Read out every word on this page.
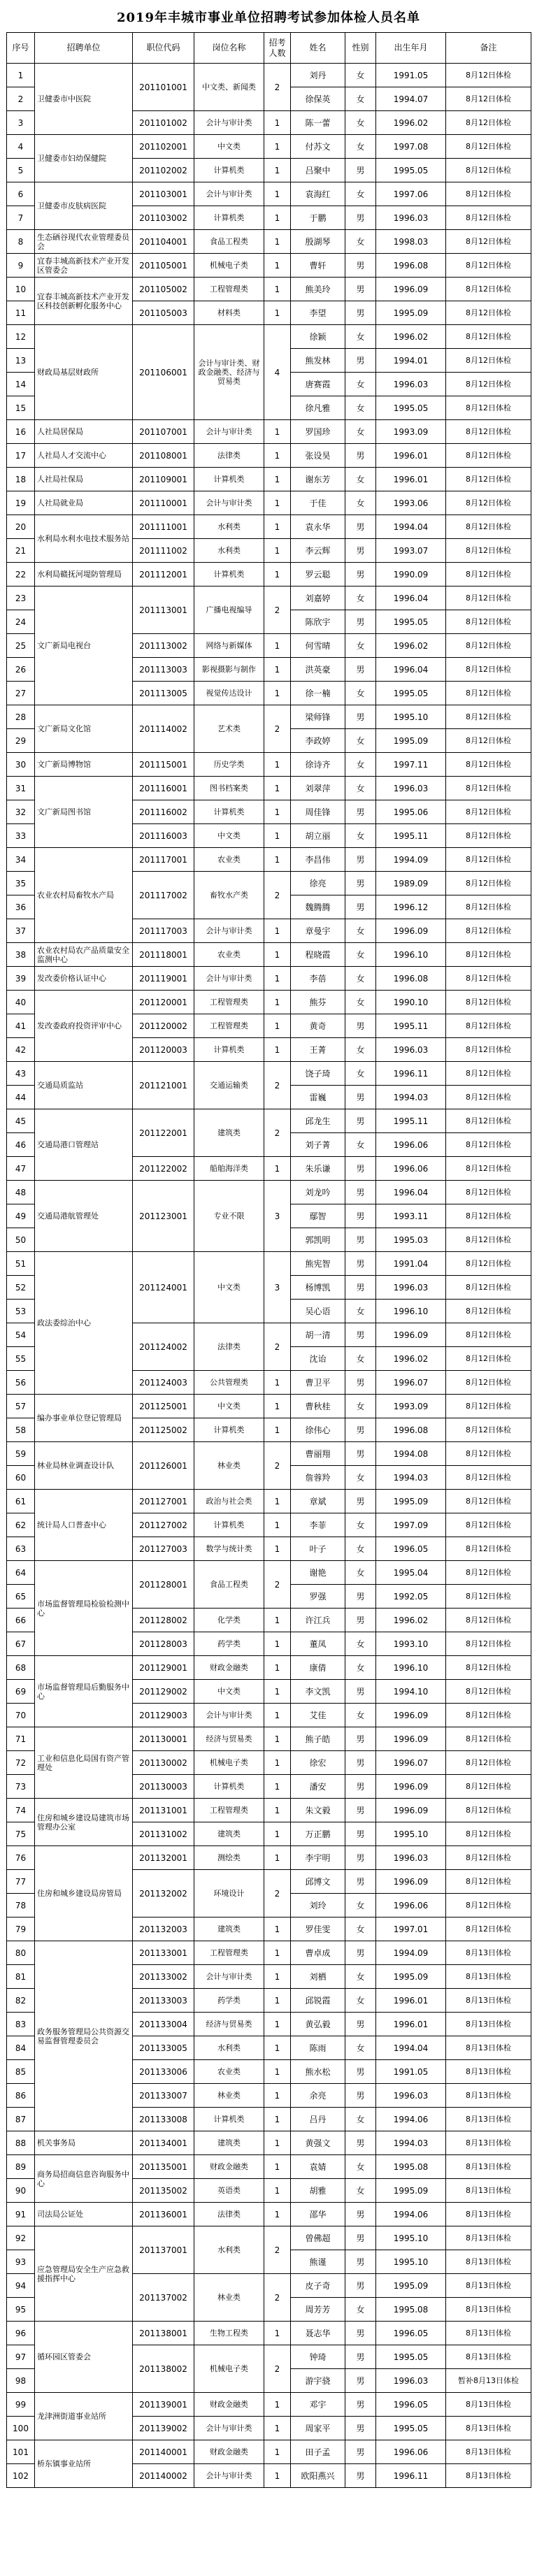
2019年丰城市事业单位招聘考试参加体检人员名单
序号	招聘单位	职位代码	岗位名称	招考人数	姓名	性别	出生年月	备注
1	卫健委市中医院	201101001	中文类、新闻类	2	刘丹	女	1991.05	8月12日体检
2					徐保英	女	1994.07	8月12日体检
3		201101002	会计与审计类	1	陈一蕾	女	1996.02	8月12日体检
4	卫健委市妇幼保健院	201102001	中文类	1	付苏文	女	1997.08	8月12日体检
5		201102002	计算机类	1	吕聚中	男	1995.05	8月12日体检
6	卫健委市皮肤病医院	201103001	会计与审计类	1	袁海红	女	1997.06	8月12日体检
7		201103002	计算机类	1	于鹏	男	1996.03	8月12日体检
8	生态硒谷现代农业管理委员会	201104001	食品工程类	1	殷湖琴	女	1998.03	8月12日体检
9	宜春丰城高新技术产业开发区管委会	201105001	机械电子类	1	曹轩	男	1996.08	8月12日体检
10	宜春丰城高新技术产业开发区科技创新孵化服务中心	201105002	工程管理类	1	熊美玲	男	1996.09	8月12日体检
11		201105003	材料类	1	李望	男	1995.09	8月12日体检
12	财政局基层财政所	201106001	会计与审计类、财政金融类、经济与贸易类	4	徐颖	女	1996.02	8月12日体检
13					熊发林	男	1994.01	8月12日体检
14					唐赛霞	女	1996.03	8月12日体检
15					徐凡雅	女	1995.05	8月12日体检
16	人社局居保局	201107001	会计与审计类	1	罗国珍	女	1993.09	8月12日体检
17	人社局人才交流中心	201108001	法律类	1	张设昊	男	1996.01	8月12日体检
18	人社局社保局	201109001	计算机类	1	谢东芳	女	1996.01	8月12日体检
19	人社局就业局	201110001	会计与审计类	1	于佳	女	1993.06	8月12日体检
20	水利局水利水电技术服务站	201111001	水利类	1	袁永华	男	1994.04	8月12日体检
21		201111002	水利类	1	李云辉	男	1993.07	8月12日体检
22	水利局赣抚河堤防管理局	201112001	计算机类	1	罗云聪	男	1990.09	8月12日体检
23	文广新局电视台	201113001	广播电视编导	2	刘嘉婷	女	1996.04	8月12日体检
24					陈欣宇	男	1995.05	8月12日体检
25		201113002	网络与新媒体	1	何雪晴	女	1996.02	8月12日体检
26		201113003	影视摄影与制作	1	洪英豪	男	1996.04	8月12日体检
27		201113005	视觉传达设计	1	徐一楠	女	1995.05	8月12日体检
28	文广新局文化馆	201114002	艺术类	2	梁师锋	男	1995.10	8月12日体检
29					李政婷	女	1995.09	8月12日体检
30	文广新局博物馆	201115001	历史学类	1	徐诗齐	女	1997.11	8月12日体检
31	文广新局图书馆	201116001	图书档案类	1	刘翠萍	女	1996.03	8月12日体检
32		201116002	计算机类	1	周佳锋	男	1995.06	8月12日体检
33		201116003	中文类	1	胡立丽	女	1995.11	8月12日体检
34	农业农村局畜牧水产局	201117001	农业类	1	李昌伟	男	1994.09	8月12日体检
35		201117002	畜牧水产类	2	徐亮	男	1989.09	8月12日体检
36					魏腾腾	男	1996.12	8月12日体检
37		201117003	会计与审计类	1	章曼宇	女	1996.09	8月12日体检
38	农业农村局农产品质量安全监测中心	201118001	农业类	1	程晓霞	女	1996.10	8月12日体检
39	发改委价格认证中心	201119001	会计与审计类	1	李蓓	女	1996.08	8月12日体检
40	发改委政府投资评审中心	201120001	工程管理类	1	熊芬	女	1990.10	8月12日体检
41		201120002	工程管理类	1	黄奇	男	1995.11	8月12日体检
42		201120003	计算机类	1	王菁	女	1996.03	8月12日体检
43	交通局质监站	201121001	交通运输类	2	饶子琦	女	1996.11	8月12日体检
44					雷巍	男	1994.03	8月12日体检
45	交通局港口管理站	201122001	建筑类	2	邱龙生	男	1995.11	8月12日体检
46					刘子菁	女	1996.06	8月12日体检
47		201122002	船舶海洋类	1	朱乐谦	男	1996.06	8月12日体检
48	交通局港航管理处	201123001	专业不限	3	刘龙吟	男	1996.04	8月12日体检
49					鄢智	男	1993.11	8月12日体检
50					郭凯明	男	1995.03	8月12日体检
51	政法委综治中心	201124001	中文类	3	熊宪智	男	1991.04	8月12日体检
52					杨博凯	男	1996.03	8月12日体检
53					吴心语	女	1996.10	8月12日体检
54		201124002	法律类	2	胡一清	男	1996.09	8月12日体检
55					沈诒	女	1996.02	8月12日体检
56		201124003	公共管理类	1	曹卫平	男	1996.07	8月12日体检
57	编办事业单位登记管理局	201125001	中文类	1	曹秋桂	女	1993.09	8月12日体检
58		201125002	计算机类	1	徐伟心	男	1996.08	8月12日体检
59	林业局林业调查设计队	201126001	林业类	2	曹丽翔	男	1994.08	8月12日体检
60					詹蓉羚	女	1994.03	8月12日体检
61	统计局人口普查中心	201127001	政治与社会类	1	章斌	男	1995.09	8月12日体检
62		201127002	计算机类	1	李菲	女	1997.09	8月12日体检
63		201127003	数学与统计类	1	叶子	女	1996.05	8月12日体检
64	市场监督管理局检验检测中心	201128001	食品工程类	2	谢艳	女	1995.04	8月12日体检
65					罗强	男	1992.05	8月12日体检
66		201128002	化学类	1	许江兵	男	1996.02	8月12日体检
67		201128003	药学类	1	董凤	女	1993.10	8月12日体检
68	市场监督管理局后勤服务中心	201129001	财政金融类	1	康倩	女	1996.10	8月12日体检
69		201129002	中文类	1	李文凯	男	1994.10	8月12日体检
70		201129003	会计与审计类	1	艾佳	女	1996.09	8月12日体检
71	工业和信息化局国有资产管理处	201130001	经济与贸易类	1	熊子皓	男	1996.09	8月12日体检
72		201130002	机械电子类	1	徐宏	男	1996.07	8月12日体检
73		201130003	计算机类	1	潘安	男	1996.09	8月12日体检
74	住房和城乡建设局建筑市场管理办公室	201131001	工程管理类	1	朱文毅	男	1996.09	8月12日体检
75		201131002	建筑类	1	万正鹏	男	1995.10	8月12日体检
76	住房和城乡建设局房管局	201132001	测绘类	1	李宇明	男	1996.03	8月12日体检
77		201132002	环境设计	2	邱博文	男	1996.09	8月12日体检
78					刘玲	女	1996.06	8月12日体检
79		201132003	建筑类	1	罗佳雯	女	1997.01	8月12日体检
80	政务服务管理局公共资源交易监督管理委员会	201133001	工程管理类	1	曹卓成	男	1994.09	8月13日体检
81		201133002	会计与审计类	1	刘栖	女	1995.09	8月13日体检
82		201133003	药学类	1	邱锐霞	女	1996.01	8月13日体检
83		201133004	经济与贸易类	1	黄弘毅	男	1996.01	8月13日体检
84		201133005	水利类	1	陈雨	女	1994.04	8月13日体检
85		201133006	农业类	1	熊水松	男	1991.05	8月13日体检
86		201133007	林业类	1	余亮	男	1996.03	8月13日体检
87		201133008	计算机类	1	吕丹	女	1994.06	8月13日体检
88	机关事务局	201134001	建筑类	1	黄强文	男	1994.03	8月13日体检
89	商务局招商信息咨询服务中心	201135001	财政金融类	1	袁婧	女	1995.08	8月13日体检
90		201135002	英语类	1	胡雅	女	1995.09	8月13日体检
91	司法局公证处	201136001	法律类	1	邵华	男	1994.06	8月13日体检
92	应急管理局安全生产应急救援指挥中心	201137001	水利类	2	曾佛超	男	1995.10	8月13日体检
93					熊谨	男	1995.10	8月13日体检
94		201137002	林业类	2	皮子奇	男	1995.09	8月13日体检
95					周芳芳	女	1995.08	8月13日体检
96	循环园区管委会	201138001	生物工程类	1	聂志华	男	1996.05	8月13日体检
97		201138002	机械电子类	2	钟琦	男	1995.05	8月13日体检
98					游宇骁	男	1996.03	暂补8月13日体检
99	龙津洲街道事业站所	201139001	财政金融类	1	邓宇	男	1996.05	8月13日体检
100		201139002	会计与审计类	1	周家平	男	1995.05	8月13日体检
101	桥东镇事业站所	201140001	财政金融类	1	田子孟	男	1996.06	8月13日体检
102		201140002	会计与审计类	1	欧阳燕兴	男	1996.11	8月13日体检
